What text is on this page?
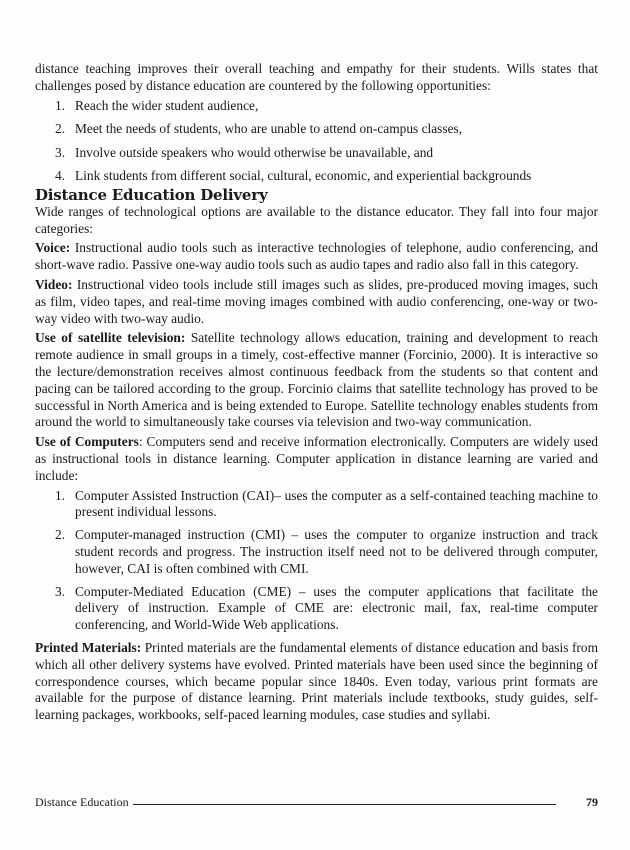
distance teaching improves their overall teaching and empathy for their students. Wills states that challenges posed by distance education are countered by the following opportunities:

1. Reach the wider student audience,
2. Meet the needs of students, who are unable to attend on-campus classes,
3. Involve outside speakers who would otherwise be unavailable, and
4. Link students from different social, cultural, economic, and experiential backgrounds
Distance Education Delivery

Wide ranges of technological options are available to the distance educator. They fall into four major categories:

Voice: Instructional audio tools such as interactive technologies of telephone, audio conferencing, and short-wave radio. Passive one-way audio tools such as audio tapes and radio also fall in this category.

Video: Instructional video tools include still images such as slides, pre-produced moving images, such as film, video tapes, and real-time moving images combined with audio conferencing, one-way or two-way video with two-way audio.

Use of satellite television: Satellite technology allows education, training and development to reach remote audience in small groups in a timely, cost-effective manner (Forcinio, 2000). It is interactive so the lecture/demonstration receives almost continuous feedback from the students so that content and pacing can be tailored according to the group. Forcinio claims that satellite technology has proved to be successful in North America and is being extended to Europe. Satellite technology enables students from around the world to simultaneously take courses via television and two-way communication.

Use of Computers: Computers send and receive information electronically. Computers are widely used as instructional tools in distance learning. Computer application in distance learning are varied and include:

1. Computer Assisted Instruction (CAI)– uses the computer as a self-contained teaching machine to present individual lessons.
2. Computer-managed instruction (CMI) – uses the computer to organize instruction and track student records and progress. The instruction itself need not to be delivered through computer, however, CAI is often combined with CMI.
3. Computer-Mediated Education (CME) – uses the computer applications that facilitate the delivery of instruction. Example of CME are: electronic mail, fax, real-time computer conferencing, and World-Wide Web applications.

Printed Materials: Printed materials are the fundamental elements of distance education and basis from which all other delivery systems have evolved. Printed materials have been used since the beginning of correspondence courses, which became popular since 1840s. Even today, various print formats are available for the purpose of distance learning. Print materials include textbooks, study guides, self-learning packages, workbooks, self-paced learning modules, case studies and syllabi.

Distance Education	79
